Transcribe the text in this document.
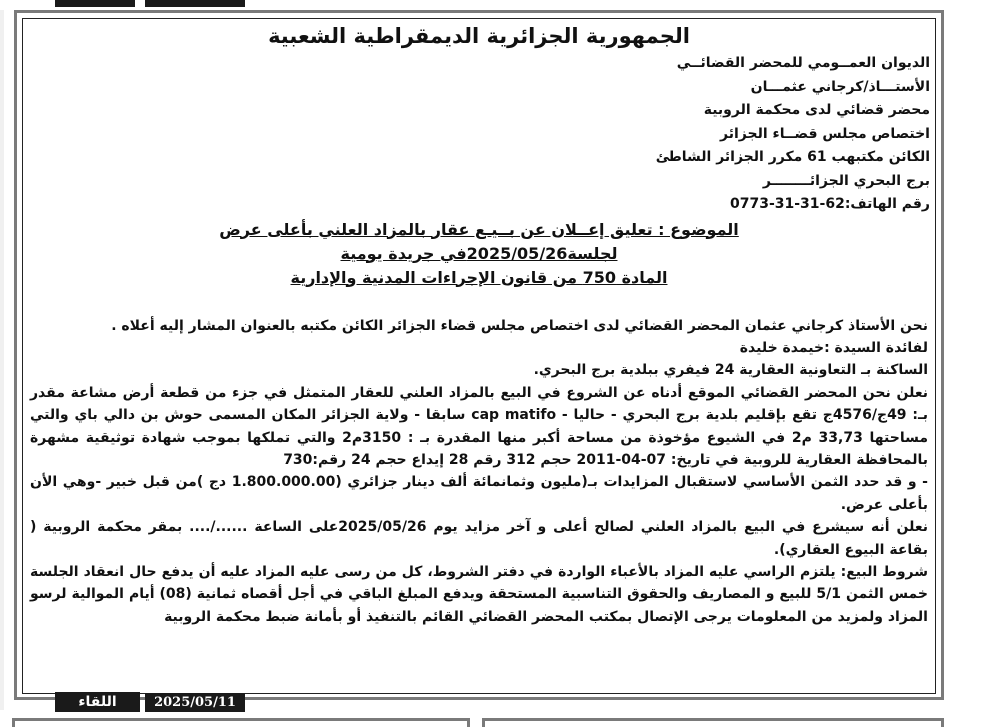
الجمهورية الجزائرية الديمقراطية الشعبية
الديوان العمــومي للمحضر القضائــي
الأستـــاذ/كرجاني عثمـــان
محضر قضائي لدى محكمة الروبية
اختصاص مجلس قضــاء الجزائر
الكائن مكتبهب 61 مكرر الجزائر الشاطئ
برج البحري الجزائــــــــر
رقم الهاتف:62-31-31-0773
الموضوع : تعليق إعــلان عن بــيـع عقار بالمزاد العلني بأعلى عرض
لجلسة2025/05/26في جريدة يومية
المادة 750 من قانون الإجراءات المدنية والإدارية

نحن الأستاذ كرجاني عثمان المحضر القضائي لدى اختصاص مجلس قضاء الجزائر الكائن مكتبه بالعنوان المشار إليه أعلاه .

لفائدة السيدة :خيمدة خليدة

الساكنة بـ التعاونية العقارية 24 فيفري ببلدية برج البحري.

نعلن نحن المحضر القضائي الموقع أدناه عن الشروع في البيع بالمزاد العلني للعقار المتمثل في جزء من قطعة أرض مشاعة مقدر بـ: 49ج/4576ج تقع بإقليم بلدية برج البحري - حاليا - cap matifo سابقا - ولاية الجزائر المكان المسمى حوش بن دالي باي والتي مساحتها 33,73 م2 في الشيوع مؤخوذة من مساحة أكبر منها المقدرة بـ : 3150م2 والتي تملكها بموجب شهادة توثيقية مشهرة بالمحافظة العقارية للروبية في تاريخ: 07-04-2011 حجم 312 رقم 28 إيداع حجم 24 رقم:730

- و قد حدد الثمن الأساسي لاستقبال المزايدات بـ(مليون وثمانمائة ألف دينار جزائري (1.800.000.00 دج )من قبل خبير -وهي الأن بأعلى عرض.

نعلن أنه سيشرع في البيع بالمزاد العلني لصالح أعلى و آخر مزايد يوم 2025/05/26على الساعة ....../.... بمقر محكمة الروبية ( بقاعة البيوع العقاري).

شروط البيع: يلتزم الراسي عليه المزاد بالأعباء الواردة في دفتر الشروط، كل من رسى عليه المزاد عليه أن يدفع حال انعقاد الجلسة خمس الثمن 5/1 للبيع و المصاريف والحقوق التناسبية المستحقة ويدفع المبلغ الباقي في أجل أقصاه ثمانية (08) أيام الموالية لرسو المزاد ولمزيد من المعلومات يرجى الإتصال بمكتب المحضر القضائي القائم بالتنفيذ أو بأمانة ضبط محكمة الروبية

اللقاء	2025/05/11
